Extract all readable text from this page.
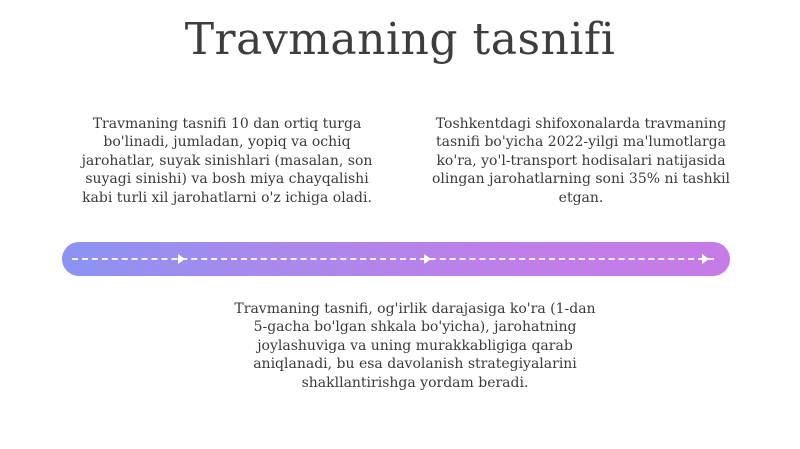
Travmaning tasnifi
Travmaning tasnifi 10 dan ortiq turga bo'linadi, jumladan, yopiq va ochiq jarohatlar, suyak sinishlari (masalan, son suyagi sinishi) va bosh miya chayqalishi kabi turli xil jarohatlarni o'z ichiga oladi.
Toshkentdagi shifoxonalarda travmaning tasnifi bo'yicha 2022-yilgi ma'lumotlarga ko'ra, yo'l-transport hodisalari natijasida olingan jarohatlarning soni 35% ni tashkil etgan.
Travmaning tasnifi, og'irlik darajasiga ko'ra (1-dan 5-gacha bo'lgan shkala bo'yicha), jarohatning joylashuviga va uning murakkabligiga qarab aniqlanadi, bu esa davolanish strategiyalarini shakllantirishga yordam beradi.
